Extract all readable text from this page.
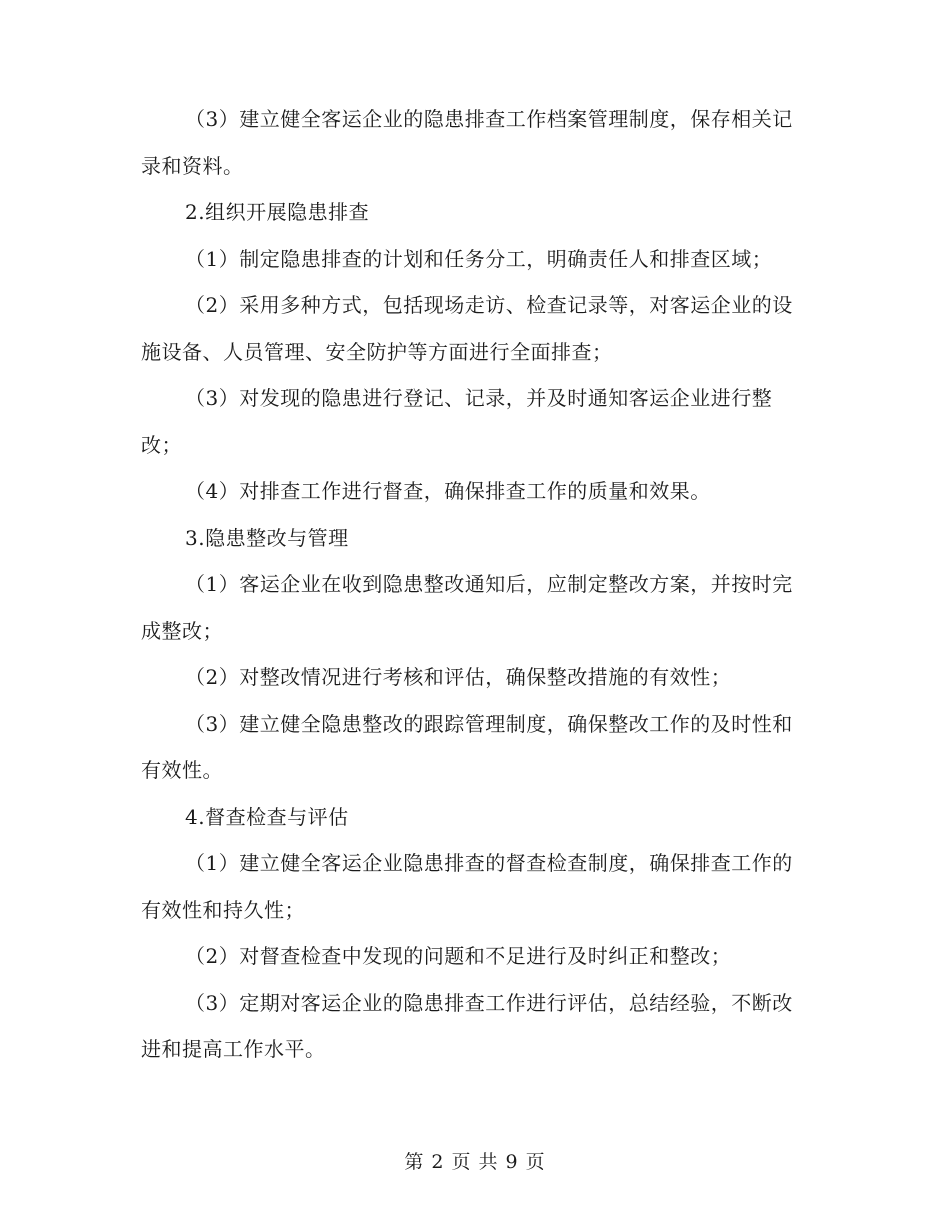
（3）建立健全客运企业的隐患排查工作档案管理制度，保存相关记录和资料。

2.组织开展隐患排查

（1）制定隐患排查的计划和任务分工，明确责任人和排查区域；

（2）采用多种方式，包括现场走访、检查记录等，对客运企业的设施设备、人员管理、安全防护等方面进行全面排查；

（3）对发现的隐患进行登记、记录，并及时通知客运企业进行整改；

（4）对排查工作进行督查，确保排查工作的质量和效果。

3.隐患整改与管理

（1）客运企业在收到隐患整改通知后，应制定整改方案，并按时完成整改；

（2）对整改情况进行考核和评估，确保整改措施的有效性；

（3）建立健全隐患整改的跟踪管理制度，确保整改工作的及时性和有效性。

4.督查检查与评估

（1）建立健全客运企业隐患排查的督查检查制度，确保排查工作的有效性和持久性；

（2）对督查检查中发现的问题和不足进行及时纠正和整改；

（3）定期对客运企业的隐患排查工作进行评估，总结经验，不断改进和提高工作水平。

第 2 页 共 9 页
